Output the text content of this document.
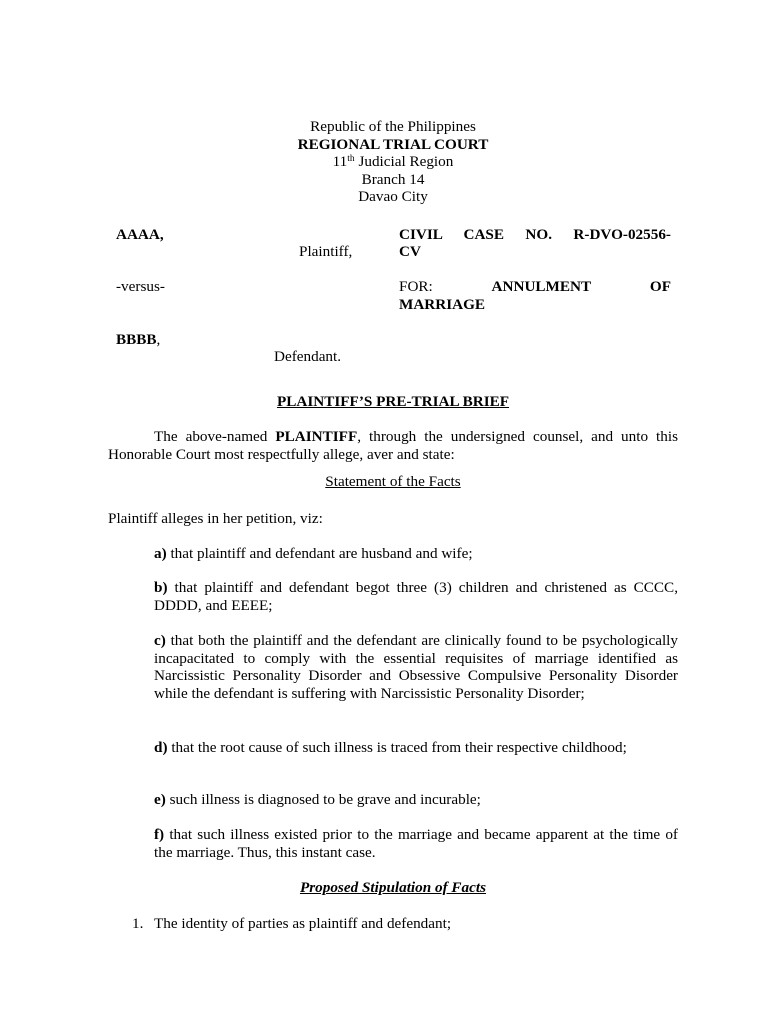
Republic of the Philippines
REGIONAL TRIAL COURT
11th Judicial Region
Branch 14
Davao City
AAAA,
Plaintiff,
-versus-
BBBB,
Defendant.
CIVIL CASE NO. R-DVO-02556-
CV
FOR:	ANNULMENT	OF
MARRIAGE
PLAINTIFF’S PRE-TRIAL BRIEF
The above-named PLAINTIFF, through the undersigned counsel, and unto this Honorable Court most respectfully allege, aver and state:
Statement of the Facts
Plaintiff alleges in her petition, viz:
a) that plaintiff and defendant are husband and wife;
b) that plaintiff and defendant begot three (3) children and christened as CCCC, DDDD, and EEEE;
c) that both the plaintiff and the defendant are clinically found to be psychologically incapacitated to comply with the essential requisites of marriage identified as Narcissistic Personality Disorder and Obsessive Compulsive Personality Disorder while the defendant is suffering with Narcissistic Personality Disorder;
d) that the root cause of such illness is traced from their respective childhood;
e) such illness is diagnosed to be grave and incurable;
f) that such illness existed prior to the marriage and became apparent at the time of the marriage. Thus, this instant case.
Proposed Stipulation of Facts
1. The identity of parties as plaintiff and defendant;
